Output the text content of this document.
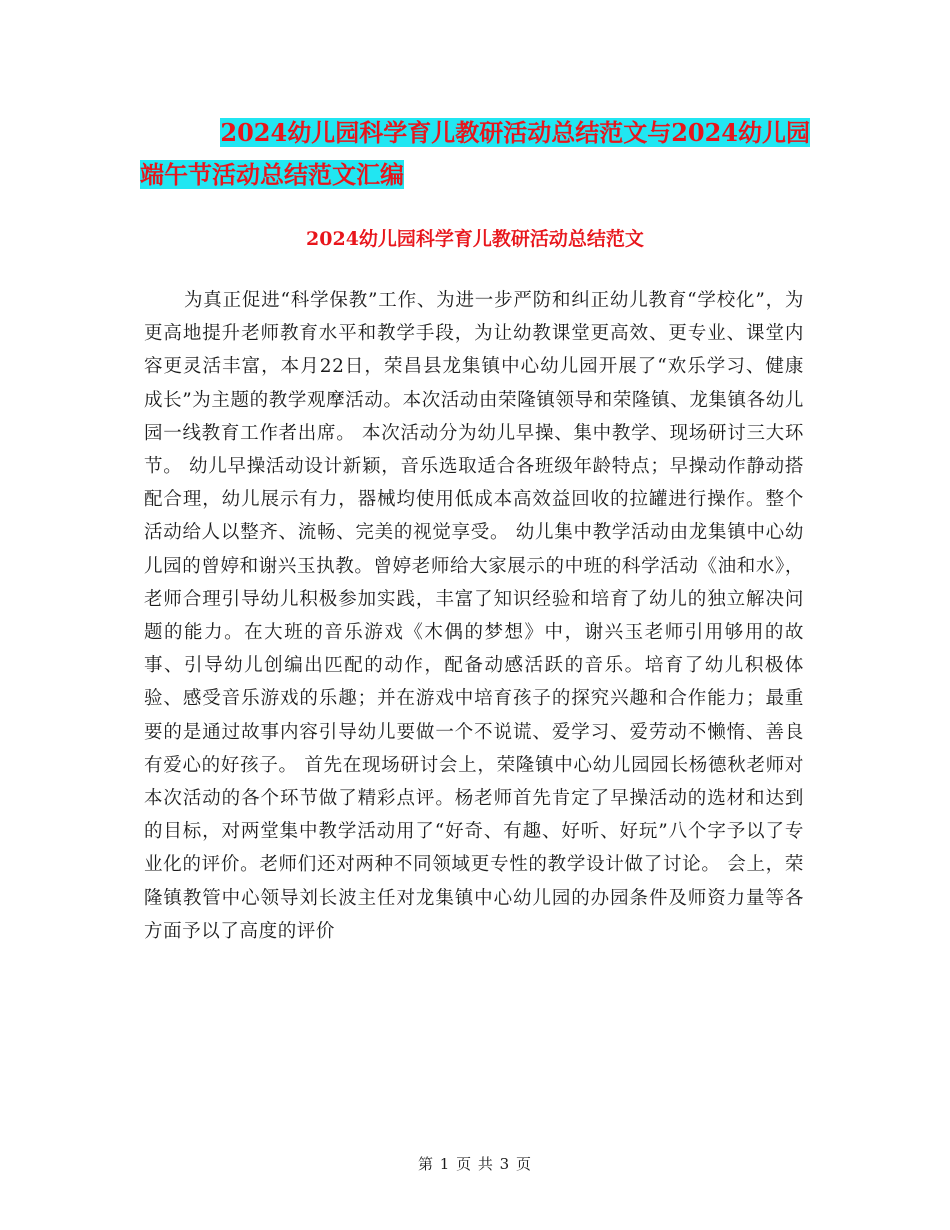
2024幼儿园科学育儿教研活动总结范文与2024幼儿园
端午节活动总结范文汇编
2024幼儿园科学育儿教研活动总结范文
为真正促进“科学保教”工作、为进一步严防和纠正幼儿教育“学校化”，为更高地提升老师教育水平和教学手段，为让幼教课堂更高效、更专业、课堂内容更灵活丰富，本月22日，荣昌县龙集镇中心幼儿园开展了“欢乐学习、健康成长”为主题的教学观摩活动。本次活动由荣隆镇领导和荣隆镇、龙集镇各幼儿园一线教育工作者出席。 本次活动分为幼儿早操、集中教学、现场研讨三大环节。 幼儿早操活动设计新颖，音乐选取适合各班级年龄特点；早操动作静动搭配合理，幼儿展示有力，器械均使用低成本高效益回收的拉罐进行操作。整个活动给人以整齐、流畅、完美的视觉享受。 幼儿集中教学活动由龙集镇中心幼儿园的曾婷和谢兴玉执教。曾婷老师给大家展示的中班的科学活动《油和水》，老师合理引导幼儿积极参加实践，丰富了知识经验和培育了幼儿的独立解决问题的能力。在大班的音乐游戏《木偶的梦想》中，谢兴玉老师引用够用的故事、引导幼儿创编出匹配的动作，配备动感活跃的音乐。培育了幼儿积极体验、感受音乐游戏的乐趣；并在游戏中培育孩子的探究兴趣和合作能力；最重要的是通过故事内容引导幼儿要做一个不说谎、爱学习、爱劳动不懒惰、善良有爱心的好孩子。 首先在现场研讨会上，荣隆镇中心幼儿园园长杨德秋老师对本次活动的各个环节做了精彩点评。杨老师首先肯定了早操活动的选材和达到的目标，对两堂集中教学活动用了“好奇、有趣、好听、好玩”八个字予以了专业化的评价。老师们还对两种不同领域更专性的教学设计做了讨论。 会上，荣隆镇教管中心领导刘长波主任对龙集镇中心幼儿园的办园条件及师资力量等各方面予以了高度的评价
第 1 页 共 3 页
